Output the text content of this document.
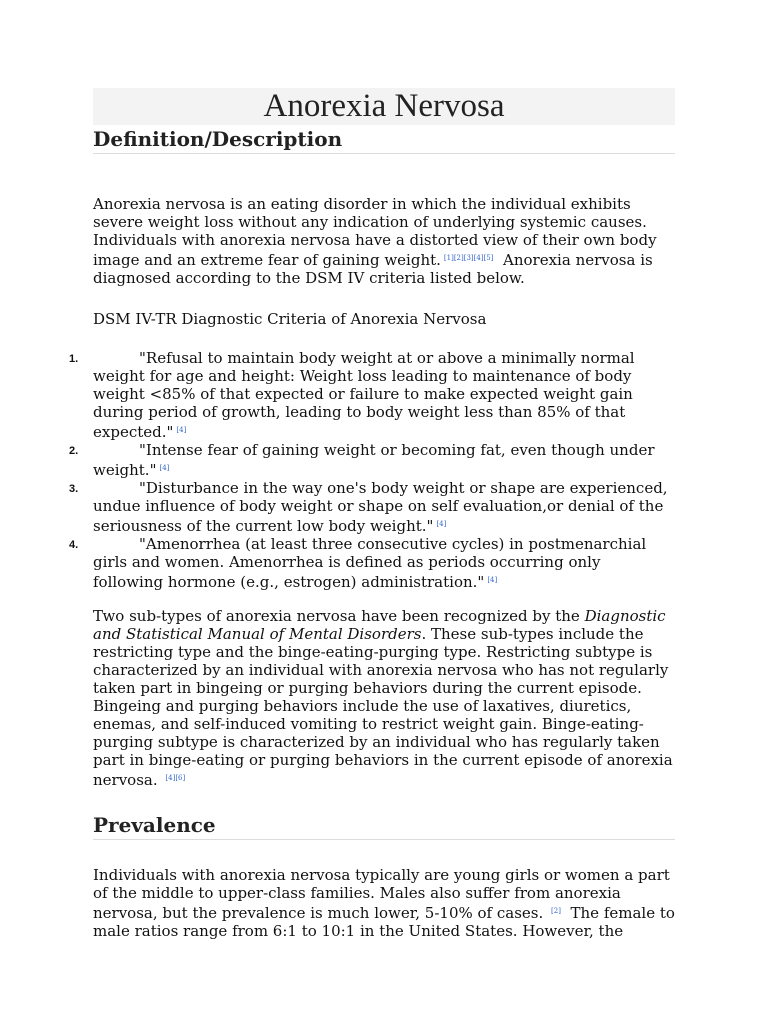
Anorexia Nervosa
Definition/Description

Anorexia nervosa is an eating disorder in which the individual exhibits severe weight loss without any indication of underlying systemic causes. Individuals with anorexia nervosa have a distorted view of their own body image and an extreme fear of gaining weight. [1][2][3][4][5] Anorexia nervosa is diagnosed according to the DSM IV criteria listed below.

DSM IV-TR Diagnostic Criteria of Anorexia Nervosa

1.	"Refusal to maintain body weight at or above a minimally normal weight for age and height: Weight loss leading to maintenance of body weight <85% of that expected or failure to make expected weight gain during period of growth, leading to body weight less than 85% of that expected." [4]
2.	"Intense fear of gaining weight or becoming fat, even though under weight." [4]
3.	"Disturbance in the way one's body weight or shape are experienced, undue influence of body weight or shape on self evaluation,or denial of the seriousness of the current low body weight." [4]
4.	"Amenorrhea (at least three consecutive cycles) in postmenarchial girls and women. Amenorrhea is defined as periods occurring only following hormone (e.g., estrogen) administration." [4]

Two sub-types of anorexia nervosa have been recognized by the Diagnostic and Statistical Manual of Mental Disorders. These sub-types include the restricting type and the binge-eating-purging type. Restricting subtype is characterized by an individual with anorexia nervosa who has not regularly taken part in bingeing or purging behaviors during the current episode. Bingeing and purging behaviors include the use of laxatives, diuretics, enemas, and self-induced vomiting to restrict weight gain. Binge-eating-purging subtype is characterized by an individual who has regularly taken part in binge-eating or purging behaviors in the current episode of anorexia nervosa. [4][6]

Prevalence

Individuals with anorexia nervosa typically are young girls or women a part of the middle to upper-class families. Males also suffer from anorexia nervosa, but the prevalence is much lower, 5-10% of cases. [2] The female to male ratios range from 6:1 to 10:1 in the United States. However, the
